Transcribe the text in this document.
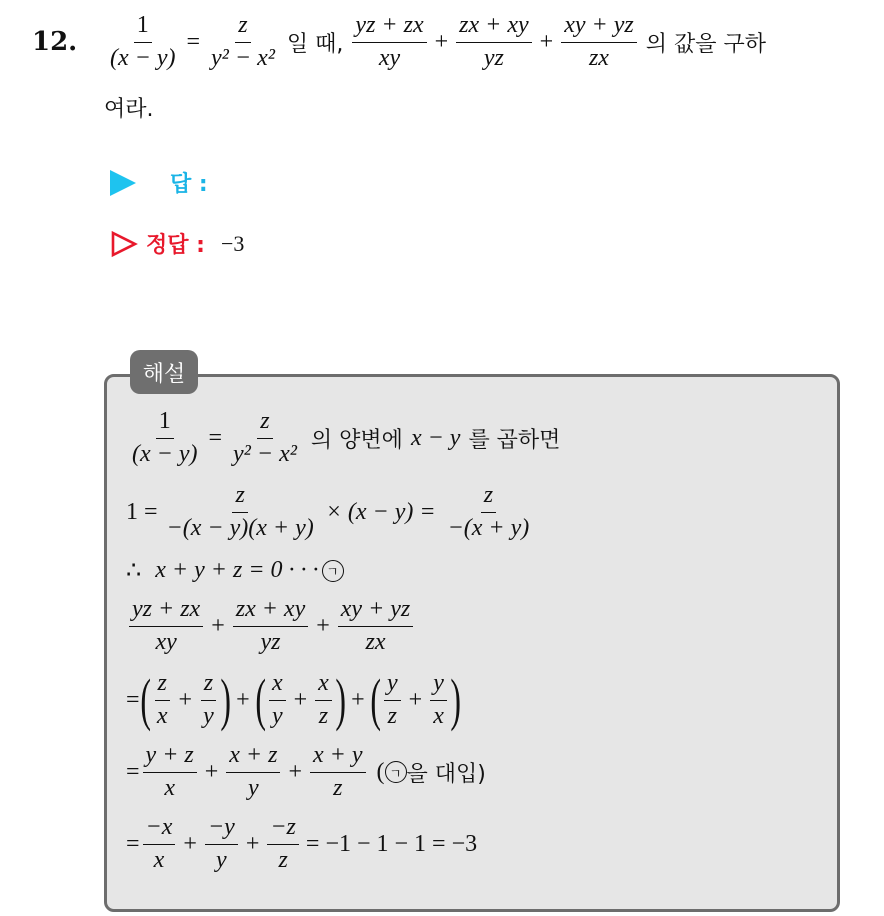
12. $\frac{1}{(x - y)} = \frac{z}{\text{y² − x²}}$ 일 때, $\frac{yz + zx}{xy} + \frac{zx + xy}{yz} + \frac{xy + yz}{zx}$ 의 값을 구하
여라.
답 :
정답 : −3
해설
$\frac{1}{(x - y)} = \frac{z}{\text{y² − x²}}$ 의 양변에 x − y 를 곱하면
$1 = \frac{z}{-(x - y)(x + y)} \times (x - y) = \frac{z}{-(x + y)}$
∴ x + y + z = 0 · · · ㄱ
$\frac{yz + zx}{xy} + \frac{zx + xy}{yz} + \frac{xy + yz}{zx}$
= ( $\frac{z}{x} + \frac{z}{y}$ ) + ( $\frac{x}{y} + \frac{x}{z}$ ) + ( $\frac{y}{z} + \frac{y}{x}$ )
= $\frac{y + z}{x} + \frac{x + z}{y} + \frac{x + y}{z}$ ( ㄱ 을 대입)
= $\frac{-x}{x} + \frac{-y}{y} + \frac{-z}{z} = -1 - 1 - 1 = -3$
